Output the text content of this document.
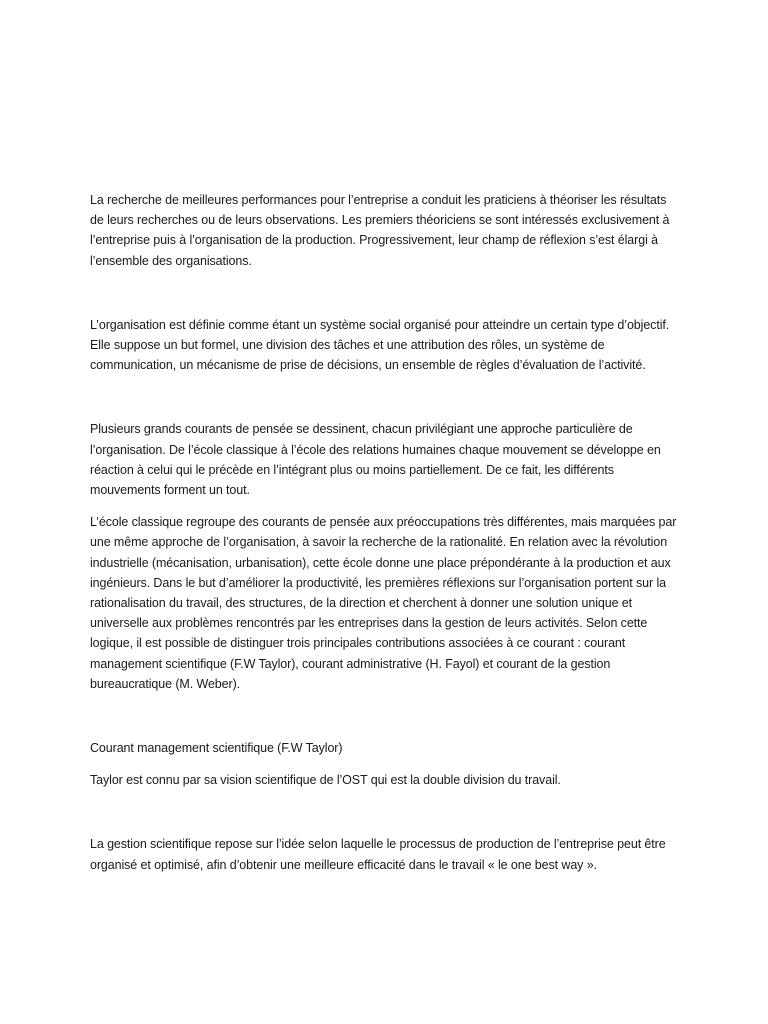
La recherche de meilleures performances pour l’entreprise a conduit les praticiens à théoriser les résultats de leurs recherches ou de leurs observations. Les premiers théoriciens se sont intéressés exclusivement à l’entreprise puis à l’organisation de la production. Progressivement, leur champ de réflexion s’est élargi à l’ensemble des organisations.

L’organisation est définie comme étant un système social organisé pour atteindre un certain type d’objectif. Elle suppose un but formel, une division des tâches et une attribution des rôles, un système de communication, un mécanisme de prise de décisions, un ensemble de règles d’évaluation de l’activité.

Plusieurs grands courants de pensée se dessinent, chacun privilégiant une approche particulière de l’organisation. De l’école classique à l’école des relations humaines chaque mouvement se développe en réaction à celui qui le précède en l’intégrant plus ou moins partiellement. De ce fait, les différents mouvements forment un tout.

L’école classique regroupe des courants de pensée aux préoccupations très différentes, mais marquées par une même approche de l’organisation, à savoir la recherche de la rationalité. En relation avec la révolution industrielle (mécanisation, urbanisation), cette école donne une place prépondérante à la production et aux ingénieurs. Dans le but d’améliorer la productivité, les premières réflexions sur l’organisation portent sur la rationalisation du travail, des structures, de la direction et cherchent à donner une solution unique et universelle aux problèmes rencontrés par les entreprises dans la gestion de leurs activités. Selon cette logique, il est possible de distinguer trois principales contributions associées à ce courant : courant management scientifique (F.W Taylor), courant administrative (H. Fayol) et courant de la gestion bureaucratique (M. Weber).

Courant management scientifique (F.W Taylor)

Taylor est connu par sa vision scientifique de l’OST qui est la double division du travail.

La gestion scientifique repose sur l’idée selon laquelle le processus de production de l’entreprise peut être organisé et optimisé, afin d’obtenir une meilleure efficacité dans le travail « le one best way ».
